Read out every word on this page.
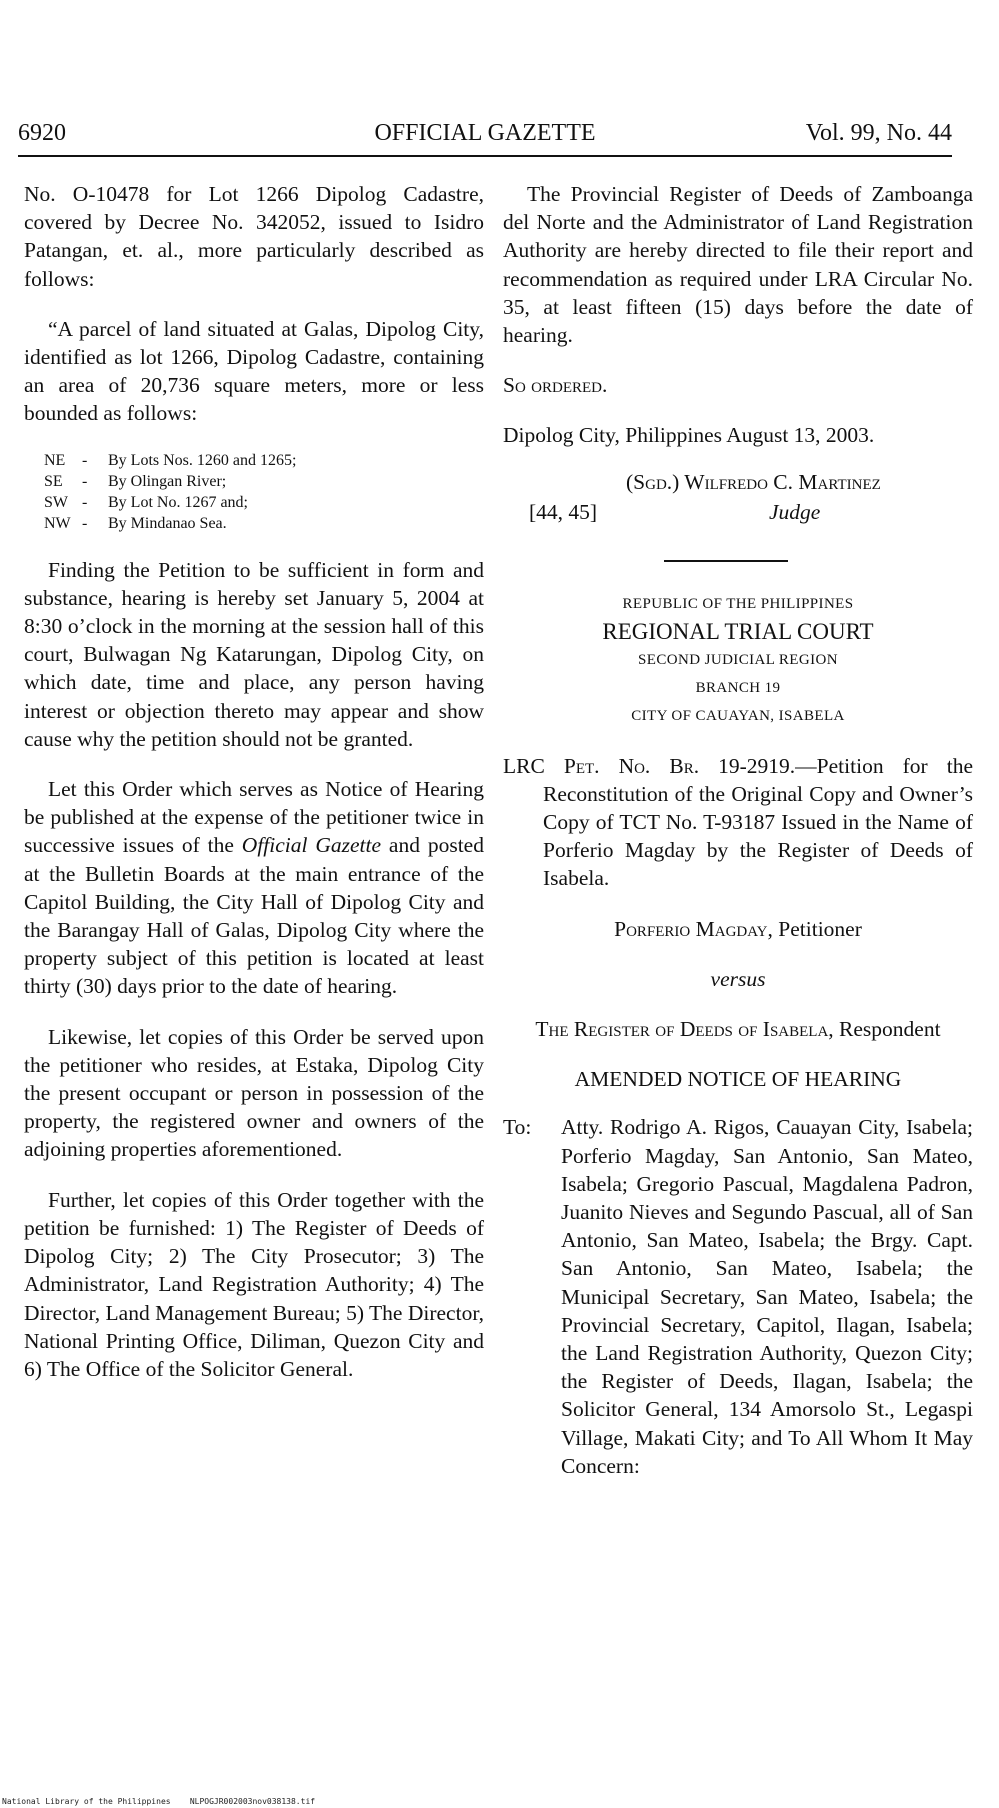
6920	OFFICIAL GAZETTE	Vol. 99, No. 44

No. O-10478 for Lot 1266 Dipolog Cadastre, covered by Decree No. 342052, issued to Isidro Patangan, et. al., more particularly described as follows:

“A parcel of land situated at Galas, Dipolog City, identified as lot 1266, Dipolog Cadastre, containing an area of 20,736 square meters, more or less bounded as follows:

NE	-	By Lots Nos. 1260 and 1265;
SE	-	By Olingan River;
SW -	By Lot No. 1267 and;
NW -	By Mindanao Sea.

Finding the Petition to be sufficient in form and substance, hearing is hereby set January 5, 2004 at 8:30 o’clock in the morning at the session hall of this court, Bulwagan Ng Katarungan, Dipolog City, on which date, time and place, any person having interest or objection thereto may appear and show cause why the petition should not be granted.

Let this Order which serves as Notice of Hearing be published at the expense of the petitioner twice in successive issues of the Official Gazette and posted at the Bulletin Boards at the main entrance of the Capitol Building, the City Hall of Dipolog City and the Barangay Hall of Galas, Dipolog City where the property subject of this petition is located at least thirty (30) days prior to the date of hearing.

Likewise, let copies of this Order be served upon the petitioner who resides, at Estaka, Dipolog City the present occupant or person in possession of the property, the registered owner and owners of the adjoining properties aforementioned.

Further, let copies of this Order together with the petition be furnished: 1) The Register of Deeds of Dipolog City; 2) The City Prosecutor; 3) The Administrator, Land Registration Authority; 4) The Director, Land Management Bureau; 5) The Director, National Printing Office, Diliman, Quezon City and 6) The Office of the Solicitor General.

The Provincial Register of Deeds of Zamboanga del Norte and the Administrator of Land Registration Authority are hereby directed to file their report and recommendation as required under LRA Circular No. 35, at least fifteen (15) days before the date of hearing.

So ordered.

Dipolog City, Philippines August 13, 2003.

(Sgd.) Wilfredo C. Martinez
[44, 45]	Judge
REPUBLIC OF THE PHILIPPINES
REGIONAL TRIAL COURT
SECOND JUDICIAL REGION
BRANCH 19
CITY OF CAUAYAN, ISABELA

LRC Pet. No. Br. 19-2919.—Petition for the Reconstitution of the Original Copy and Owner’s Copy of TCT No. T-93187 Issued in the Name of Porferio Magday by the Register of Deeds of Isabela.

Porferio Magday, Petitioner

versus

The Register of Deeds of Isabela, Respondent

AMENDED NOTICE OF HEARING

To:	Atty. Rodrigo A. Rigos, Cauayan City, Isabela; Porferio Magday, San Antonio, San Mateo, Isabela; Gregorio Pascual, Magdalena Padron, Juanito Nieves and Segundo Pascual, all of San Antonio, San Mateo, Isabela; the Brgy. Capt. San Antonio, San Mateo, Isabela; the Municipal Secretary, San Mateo, Isabela; the Provincial Secretary, Capitol, Ilagan, Isabela; the Land Registration Authority, Quezon City; the Register of Deeds, Ilagan, Isabela; the Solicitor General, 134 Amorsolo St., Legaspi Village, Makati City; and To All Whom It May Concern:
National Library of the Philippines NLPOGJR002003nov038138.tif
